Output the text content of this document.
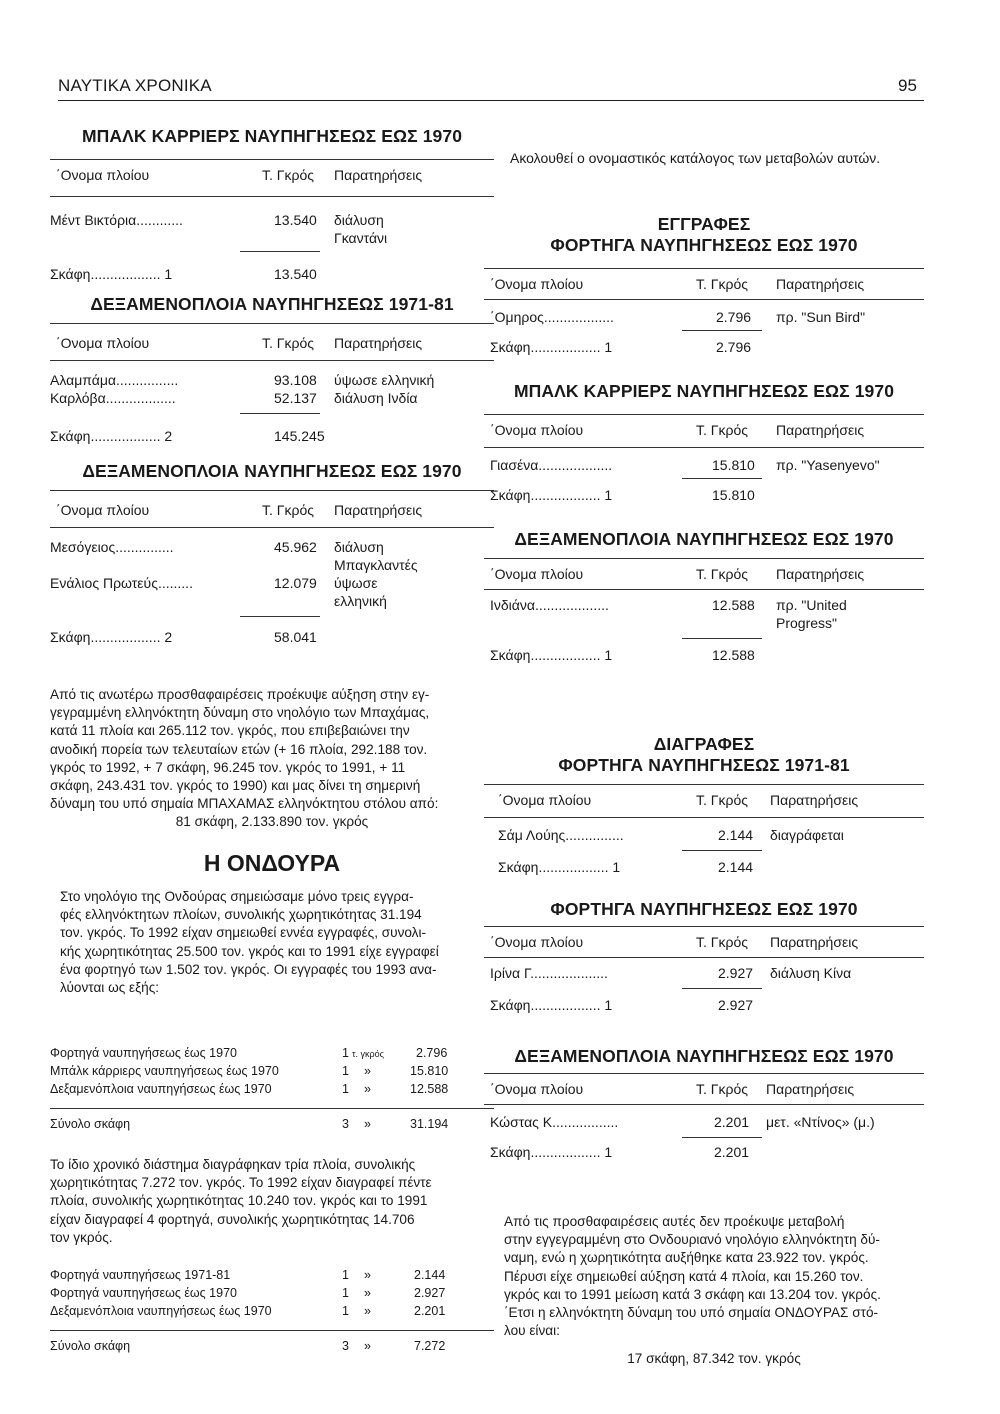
ΝΑΥΤΙΚΑ ΧΡΟΝΙΚΑ	95
ΜΠΑΛΚ ΚΑΡΡΙΕΡΣ ΝΑΥΠΗΓΗΣΕΩΣ ΕΩΣ 1970
΄Ονομα πλοίου	Τ. Γκρός Παρατηρήσεις
Μέντ Βικτόρια............	13.540 διάλυση
Γκαντάνι
Σκάφη.................. 1	13.540
ΔΕΞΑΜΕΝΟΠΛΟΙΑ ΝΑΥΠΗΓΗΣΕΩΣ 1971-81
΄Ονομα πλοίου	Τ. Γκρός Παρατηρήσεις
Αλαμπάμα................	93.108 ύψωσε ελληνική
Καρλόβα..................	52.137 διάλυση Ινδία
Σκάφη.................. 2	145.245
ΔΕΞΑΜΕΝΟΠΛΟΙΑ ΝΑΥΠΗΓΗΣΕΩΣ ΕΩΣ 1970
΄Ονομα πλοίου	Τ. Γκρός Παρατηρήσεις
Μεσόγειος...............	45.962 διάλυση
Μπαγκλαντές
Ενάλιος Πρωτεύς.........	12.079 ύψωσε
ελληνική
Σκάφη.................. 2	58.041
Από τις ανωτέρω προσθαφαιρέσεις προέκυψε αύξηση στην εγ-
γεγραμμένη ελληνόκτητη δύναμη στο νηολόγιο των Μπαχάμας,
κατά 11 πλοία και 265.112 τον. γκρός, που επιβεβαιώνει την
ανοδική πορεία των τελευταίων ετών (+ 16 πλοία, 292.188 τον.
γκρός το 1992, + 7 σκάφη, 96.245 τον. γκρός το 1991, + 11
σκάφη, 243.431 τον. γκρός το 1990) και μας δίνει τη σημερινή
δύναμη του υπό σημαία ΜΠΑΧΑΜΑΣ ελληνόκτητου στόλου από:
81 σκάφη, 2.133.890 τον. γκρός
Η ΟΝΔΟΥΡΑ
Στο νηολόγιο της Ονδούρας σημειώσαμε μόνο τρεις εγγρα-
φές ελληνόκτητων πλοίων, συνολικής χωρητικότητας 31.194
τον. γκρός. Το 1992 είχαν σημειωθεί εννέα εγγραφές, συνολι-
κής χωρητικότητας 25.500 τον. γκρός και το 1991 είχε εγγραφεί
ένα φορτηγό των 1.502 τον. γκρός. Οι εγγραφές του 1993 ανα-
λύονται ως εξής:
Φορτηγά ναυπηγήσεως έως 1970	1 τ. γκρός	2.796
Μπάλκ κάρριερς ναυπηγήσεως έως 1970	1 »	15.810
Δεξαμενόπλοια ναυπηγήσεως έως 1970	1 »	12.588
Σύνολο σκάφη	3 »	31.194
Το ίδιο χρονικό διάστημα διαγράφηκαν τρία πλοία, συνολικής
χωρητικότητας 7.272 τον. γκρός. Το 1992 είχαν διαγραφεί πέντε
πλοία, συνολικής χωρητικότητας 10.240 τον. γκρός και το 1991
είχαν διαγραφεί 4 φορτηγά, συνολικής χωρητικότητας 14.706
τον γκρός.
Φορτηγά ναυπηγήσεως 1971-81	1 »	2.144
Φορτηγά ναυπηγήσεως έως 1970	1 »	2.927
Δεξαμενόπλοια ναυπηγήσεως έως 1970	1 »	2.201
Σύνολο σκάφη	3 »	7.272
Ακολουθεί ο ονομαστικός κατάλογος των μεταβολών αυτών.
ΕΓΓΡΑΦΕΣ
ΦΟΡΤΗΓΑ ΝΑΥΠΗΓΗΣΕΩΣ ΕΩΣ 1970
΄Ονομα πλοίου	Τ. Γκρός Παρατηρήσεις
΄Ομηρος..................	2.796 πρ. "Sun Bird"
Σκάφη.................. 1	2.796
ΜΠΑΛΚ ΚΑΡΡΙΕΡΣ ΝΑΥΠΗΓΗΣΕΩΣ ΕΩΣ 1970
΄Ονομα πλοίου	Τ. Γκρός Παρατηρήσεις
Γιασένα...................	15.810 πρ. "Yasenyevo"
Σκάφη.................. 1	15.810
ΔΕΞΑΜΕΝΟΠΛΟΙΑ ΝΑΥΠΗΓΗΣΕΩΣ ΕΩΣ 1970
΄Ονομα πλοίου	Τ. Γκρός Παρατηρήσεις
Ινδιάνα...................	12.588 πρ. "United
Progress"
Σκάφη.................. 1	12.588
ΔΙΑΓΡΑΦΕΣ
ΦΟΡΤΗΓΑ ΝΑΥΠΗΓΗΣΕΩΣ 1971-81
΄Ονομα πλοίου	Τ. Γκρός Παρατηρήσεις
Σάμ Λούης...............	2.144 διαγράφεται
Σκάφη.................. 1	2.144
ΦΟΡΤΗΓΑ ΝΑΥΠΗΓΗΣΕΩΣ ΕΩΣ 1970
΄Ονομα πλοίου	Τ. Γκρός Παρατηρήσεις
Ιρίνα Γ....................	2.927 διάλυση Κίνα
Σκάφη.................. 1	2.927
ΔΕΞΑΜΕΝΟΠΛΟΙΑ ΝΑΥΠΗΓΗΣΕΩΣ ΕΩΣ 1970
΄Ονομα πλοίου	Τ. Γκρός Παρατηρήσεις
Κώστας Κ.................	2.201 μετ. «Ντίνος» (μ.)
Σκάφη.................. 1	2.201
Από τις προσθαφαιρέσεις αυτές δεν προέκυψε μεταβολή
στην εγγεγραμμένη στο Ονδουριανό νηολόγιο ελληνόκτητη δύ-
ναμη, ενώ η χωρητικότητα αυξήθηκε κατα 23.922 τον. γκρός.
Πέρυσι είχε σημειωθεί αύξηση κατά 4 πλοία, και 15.260 τον.
γκρός και το 1991 μείωση κατά 3 σκάφη και 13.204 τον. γκρός.
΄Ετσι η ελληνόκτητη δύναμη του υπό σημαία ΟΝΔΟΥΡΑΣ στό-
λου είναι:
17 σκάφη, 87.342 τον. γκρός
